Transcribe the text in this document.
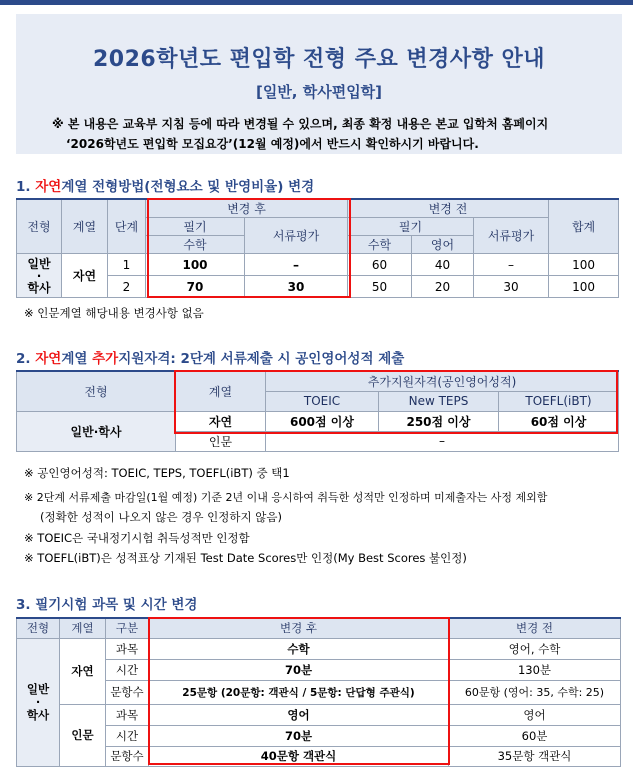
2026학년도 편입학 전형 주요 변경사항 안내
[일반, 학사편입학]
※ 본 내용은 교육부 지침 등에 따라 변경될 수 있으며, 최종 확정 내용은 본교 입학처 홈페이지
‘2026학년도 편입학 모집요강’(12월 예정)에서 반드시 확인하시기 바랍니다.
1. 자연계열 전형방법(전형요소 및 반영비율) 변경
전형	계열	단계	변경 후		변경 전			합계
			필기	서류평가	필기		서류평가	
			수학		수학	영어		
일반
·
학사	자연	1	100	–	60	40	–	100
		2	70	30	50	20	30	100
※ 인문계열 해당내용 변경사항 없음
2. 자연계열 추가지원자격: 2단계 서류제출 시 공인영어성적 제출
전형	계열	추가지원자격(공인영어성적)		
		TOEIC	New TEPS	TOEFL(iBT)
일반·학사	자연	600점 이상	250점 이상	60점 이상
	인문	–		
※ 공인영어성적: TOEIC, TEPS, TOEFL(iBT) 중 택1
※ 2단계 서류제출 마감일(1월 예정) 기준 2년 이내 응시하여 취득한 성적만 인정하며 미제출자는 사정 제외함
(정확한 성적이 나오지 않은 경우 인정하지 않음)
※ TOEIC은 국내정기시험 취득성적만 인정함
※ TOEFL(iBT)은 성적표상 기재된 Test Date Scores만 인정(My Best Scores 불인정)
3. 필기시험 과목 및 시간 변경
전형	계열	구분	변경 후	변경 전
일반
·
학사	자연	과목	수학	영어, 수학
		시간	70분	130분
		문항수	25문항 (20문항: 객관식 / 5문항: 단답형 주관식)	60문항 (영어: 35, 수학: 25)
	인문	과목	영어	영어
		시간	70분	60분
		문항수	40문항 객관식	35문항 객관식
